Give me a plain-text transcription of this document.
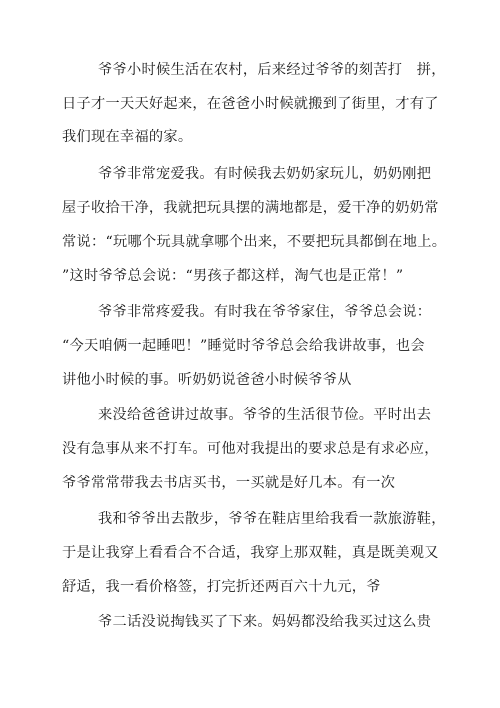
爷爷小时候生活在农村，后来经过爷爷的刻苦打　拼，
日子才一天天好起来，在爸爸小时候就搬到了街里，才有了
我们现在幸福的家。
爷爷非常宠爱我。有时候我去奶奶家玩儿，奶奶刚把
屋子收拾干净，我就把玩具摆的满地都是，爱干净的奶奶常
常说：“玩哪个玩具就拿哪个出来，不要把玩具都倒在地上。
”这时爷爷总会说：“男孩子都这样，淘气也是正常！”
爷爷非常疼爱我。有时我在爷爷家住，爷爷总会说：
“今天咱俩一起睡吧！”睡觉时爷爷总会给我讲故事，也会
讲他小时候的事。听奶奶说爸爸小时候爷爷从
来没给爸爸讲过故事。爷爷的生活很节俭。平时出去
没有急事从来不打车。可他对我提出的要求总是有求必应，
爷爷常常带我去书店买书，一买就是好几本。有一次
我和爷爷出去散步，爷爷在鞋店里给我看一款旅游鞋，
于是让我穿上看看合不合适，我穿上那双鞋，真是既美观又
舒适，我一看价格签，打完折还两百六十九元，爷
爷二话没说掏钱买了下来。妈妈都没给我买过这么贵
